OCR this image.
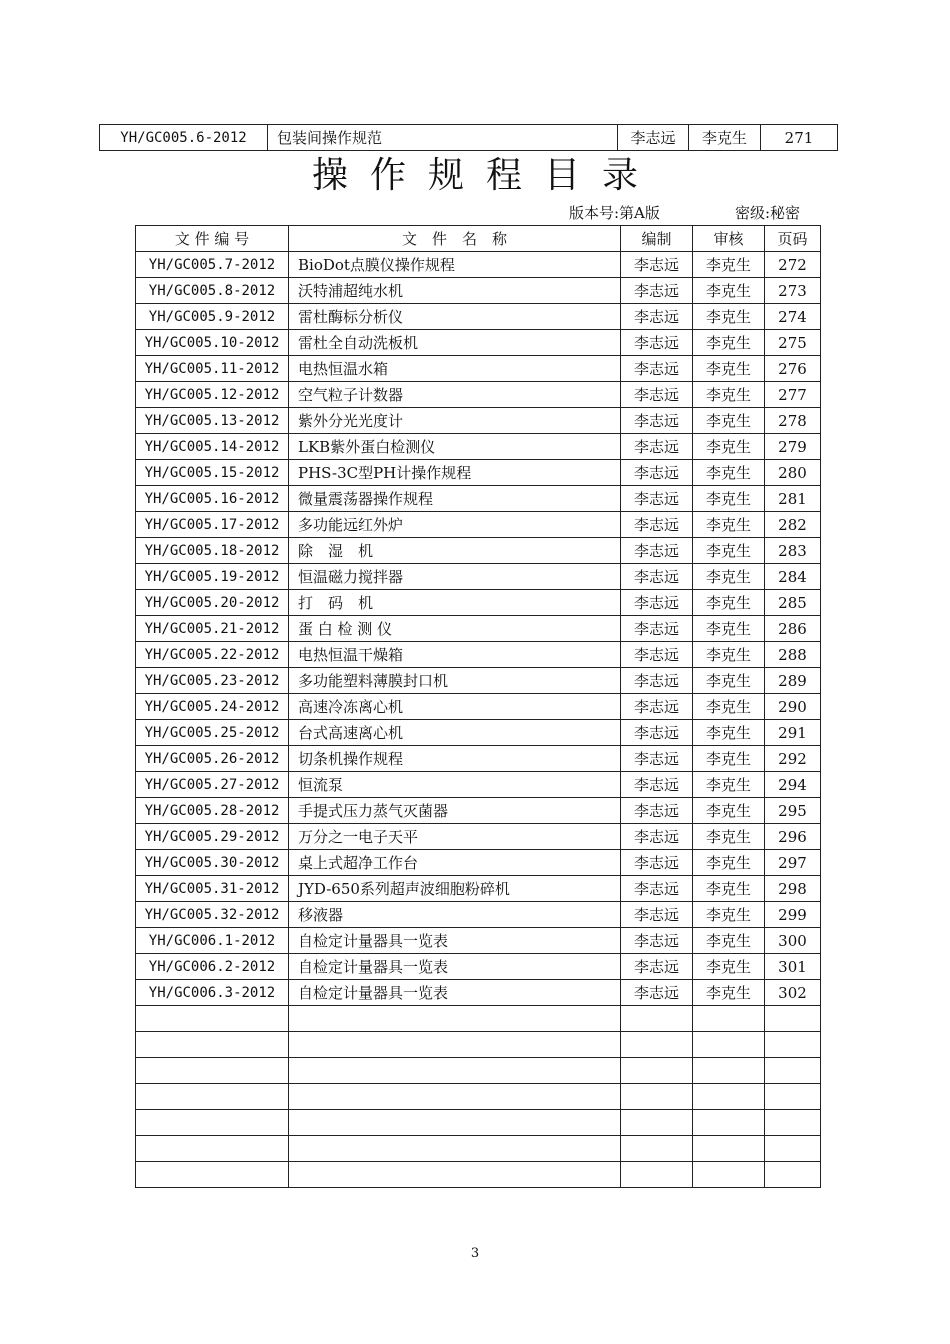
YH/GC005.6-2012	包装间操作规范	李志远	李克生	271
操作规程目录
版本号:第A版	密级:秘密
文 件 编 号	文　件　名　称	编制	审核	页码
YH/GC005.7-2012	BioDot点膜仪操作规程	李志远	李克生	272
YH/GC005.8-2012	沃特浦超纯水机	李志远	李克生	273
YH/GC005.9-2012	雷杜酶标分析仪	李志远	李克生	274
YH/GC005.10-2012	雷杜全自动洗板机	李志远	李克生	275
YH/GC005.11-2012	电热恒温水箱	李志远	李克生	276
YH/GC005.12-2012	空气粒子计数器	李志远	李克生	277
YH/GC005.13-2012	紫外分光光度计	李志远	李克生	278
YH/GC005.14-2012	LKB紫外蛋白检测仪	李志远	李克生	279
YH/GC005.15-2012	PHS-3C型PH计操作规程	李志远	李克生	280
YH/GC005.16-2012	微量震荡器操作规程	李志远	李克生	281
YH/GC005.17-2012	多功能远红外炉	李志远	李克生	282
YH/GC005.18-2012	除　湿　机	李志远	李克生	283
YH/GC005.19-2012	恒温磁力搅拌器	李志远	李克生	284
YH/GC005.20-2012	打　码　机	李志远	李克生	285
YH/GC005.21-2012	蛋 白 检 测 仪	李志远	李克生	286
YH/GC005.22-2012	电热恒温干燥箱	李志远	李克生	288
YH/GC005.23-2012	多功能塑料薄膜封口机	李志远	李克生	289
YH/GC005.24-2012	高速冷冻离心机	李志远	李克生	290
YH/GC005.25-2012	台式高速离心机	李志远	李克生	291
YH/GC005.26-2012	切条机操作规程	李志远	李克生	292
YH/GC005.27-2012	恒流泵	李志远	李克生	294
YH/GC005.28-2012	手提式压力蒸气灭菌器	李志远	李克生	295
YH/GC005.29-2012	万分之一电子天平	李志远	李克生	296
YH/GC005.30-2012	桌上式超净工作台	李志远	李克生	297
YH/GC005.31-2012	JYD-650系列超声波细胞粉碎机	李志远	李克生	298
YH/GC005.32-2012	移液器	李志远	李克生	299
YH/GC006.1-2012	自检定计量器具一览表	李志远	李克生	300
YH/GC006.2-2012	自检定计量器具一览表	李志远	李克生	301
YH/GC006.3-2012	自检定计量器具一览表	李志远	李克生	302

3
